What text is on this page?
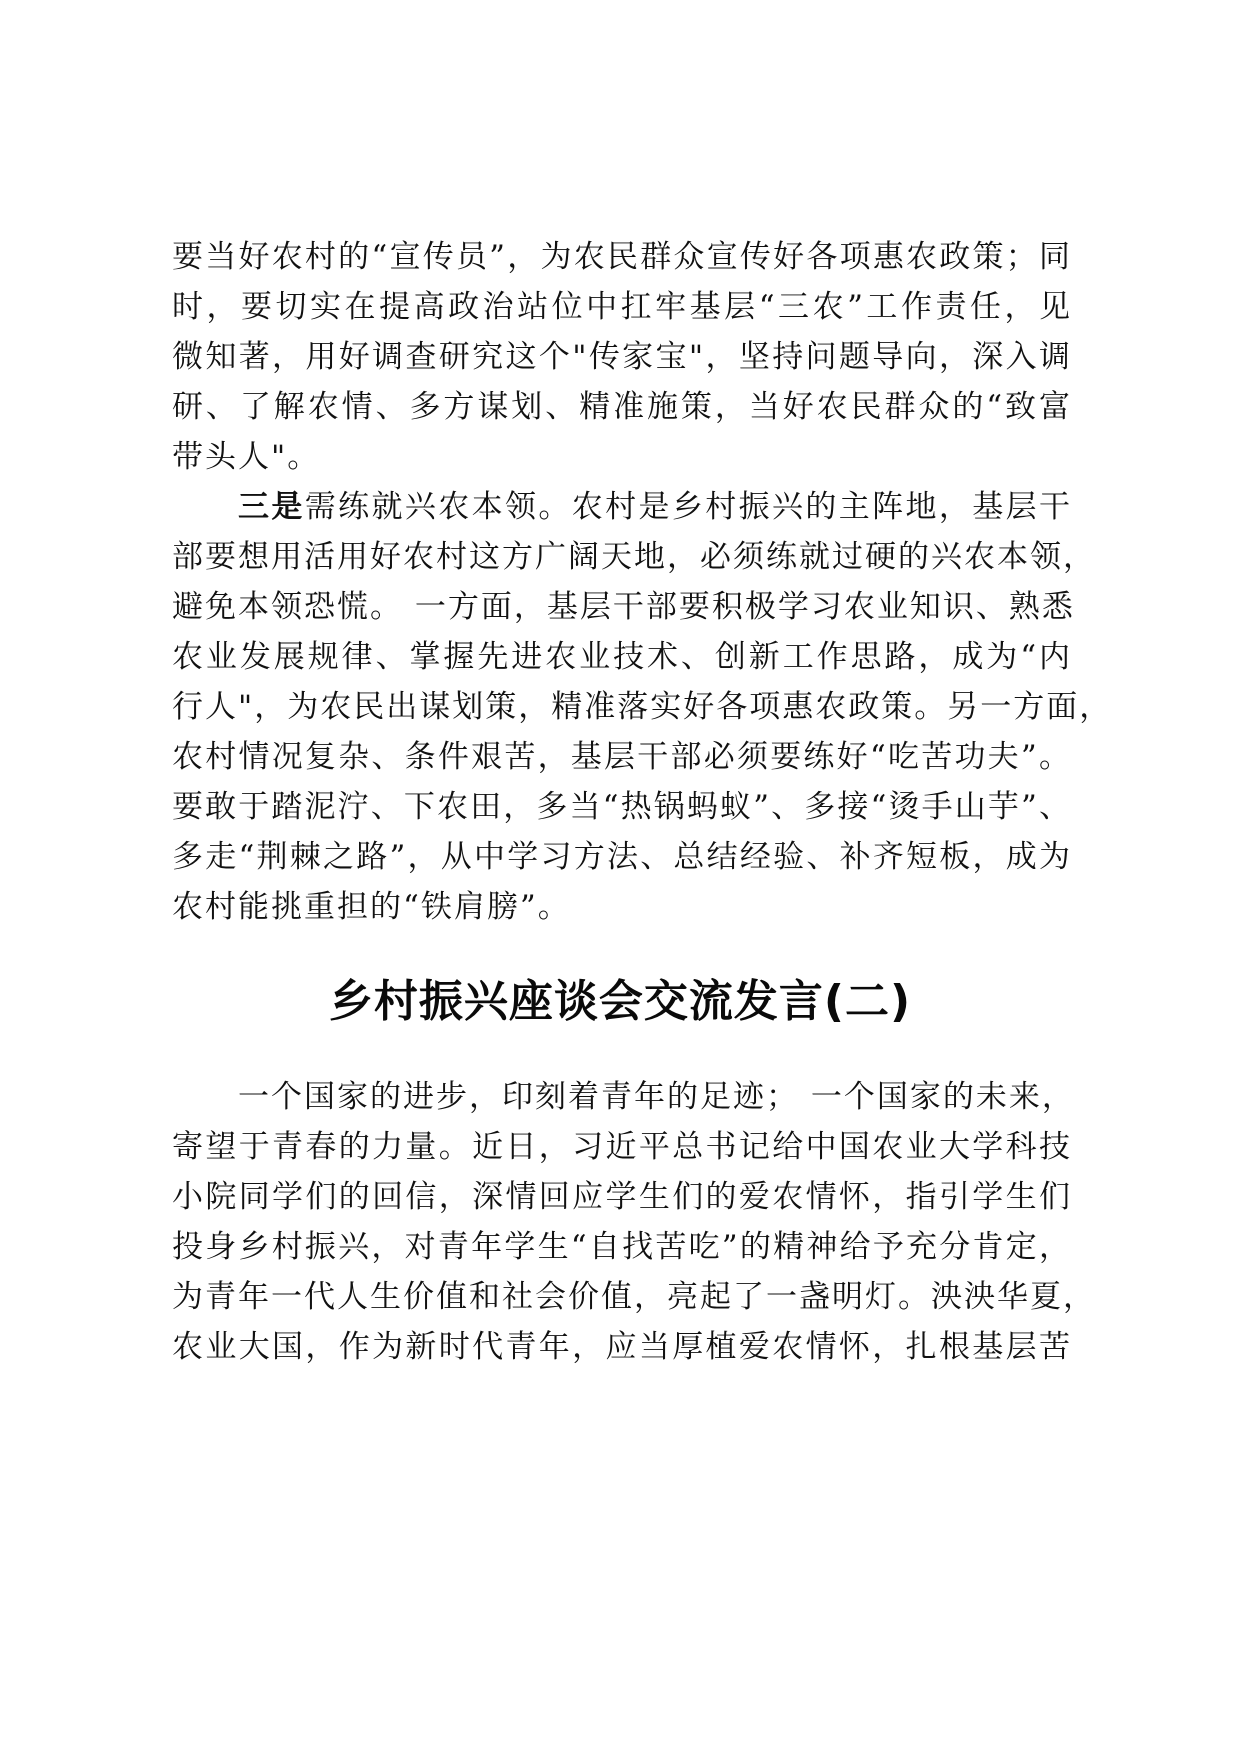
要当好农村的“宣传员”，为农民群众宣传好各项惠农政策；同
时，要切实在提高政治站位中扛牢基层“三农”工作责任，见
微知著，用好调查研究这个"传家宝"，坚持问题导向，深入调
研、了解农情、多方谋划、精准施策，当好农民群众的“致富
带头人"。
三是需练就兴农本领。农村是乡村振兴的主阵地，基层干
部要想用活用好农村这方广阔天地，必须练就过硬的兴农本领，
避免本领恐慌。 一方面，基层干部要积极学习农业知识、熟悉
农业发展规律、掌握先进农业技术、创新工作思路，成为“内
行人"，为农民出谋划策，精准落实好各项惠农政策。另一方面，
农村情况复杂、条件艰苦，基层干部必须要练好“吃苦功夫”。
要敢于踏泥泞、下农田，多当“热锅蚂蚁”、多接“烫手山芋”、
多走“荆棘之路”，从中学习方法、总结经验、补齐短板，成为
农村能挑重担的“铁肩膀”。
乡村振兴座谈会交流发言(二)
一个国家的进步，印刻着青年的足迹； 一个国家的未来，
寄望于青春的力量。近日，习近平总书记给中国农业大学科技
小院同学们的回信，深情回应学生们的爱农情怀，指引学生们
投身乡村振兴，对青年学生“自找苦吃”的精神给予充分肯定，
为青年一代人生价值和社会价值，亮起了一盏明灯。泱泱华夏，
农业大国，作为新时代青年，应当厚植爱农情怀，扎根基层苦
